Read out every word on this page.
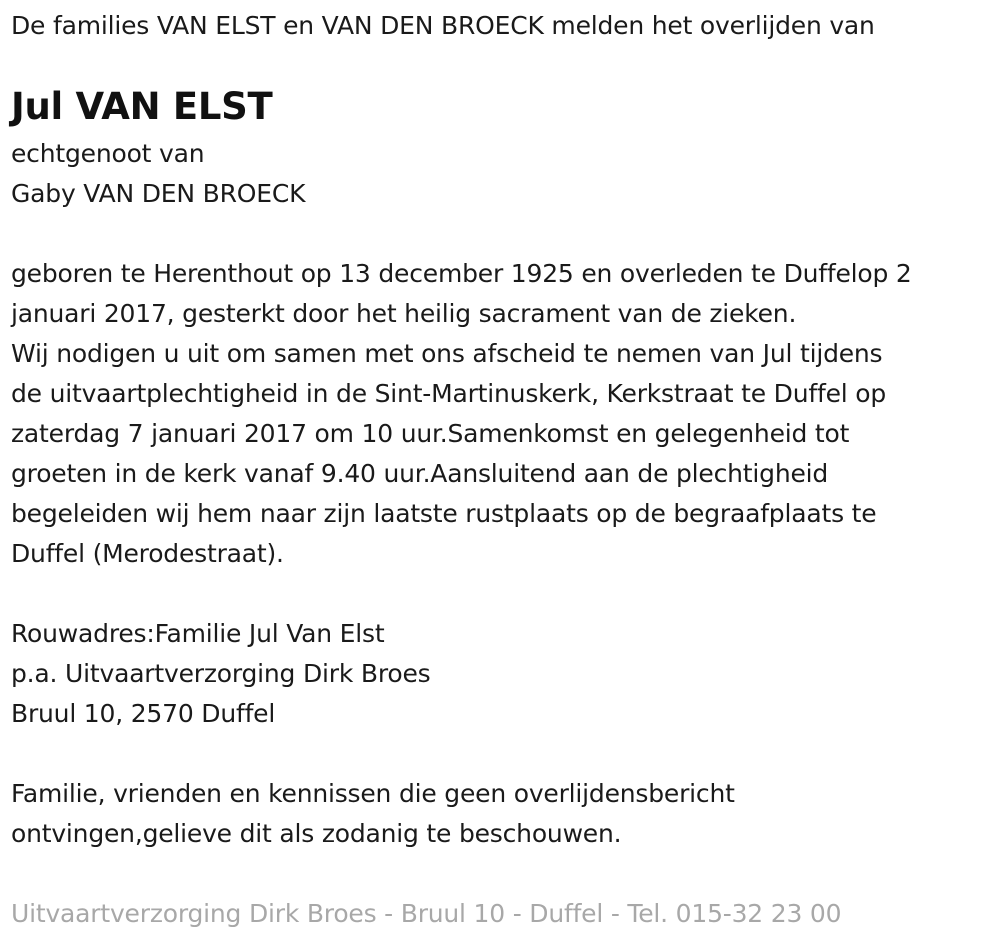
De families VAN ELST en VAN DEN BROECK melden het overlijden van
Jul VAN ELST
echtgenoot van
Gaby VAN DEN BROECK
geboren te Herenthout op 13 december 1925 en overleden te Duffelop 2
januari 2017, gesterkt door het heilig sacrament van de zieken.
Wij nodigen u uit om samen met ons afscheid te nemen van Jul tijdens
de uitvaartplechtigheid in de Sint-Martinuskerk, Kerkstraat te Duffel op
zaterdag 7 januari 2017 om 10 uur.Samenkomst en gelegenheid tot
groeten in de kerk vanaf 9.40 uur.Aansluitend aan de plechtigheid
begeleiden wij hem naar zijn laatste rustplaats op de begraafplaats te
Duffel (Merodestraat).
Rouwadres:Familie Jul Van Elst
p.a. Uitvaartverzorging Dirk Broes
Bruul 10, 2570 Duffel
Familie, vrienden en kennissen die geen overlijdensbericht
ontvingen,gelieve dit als zodanig te beschouwen.
Uitvaartverzorging Dirk Broes - Bruul 10 - Duffel - Tel. 015-32 23 00
